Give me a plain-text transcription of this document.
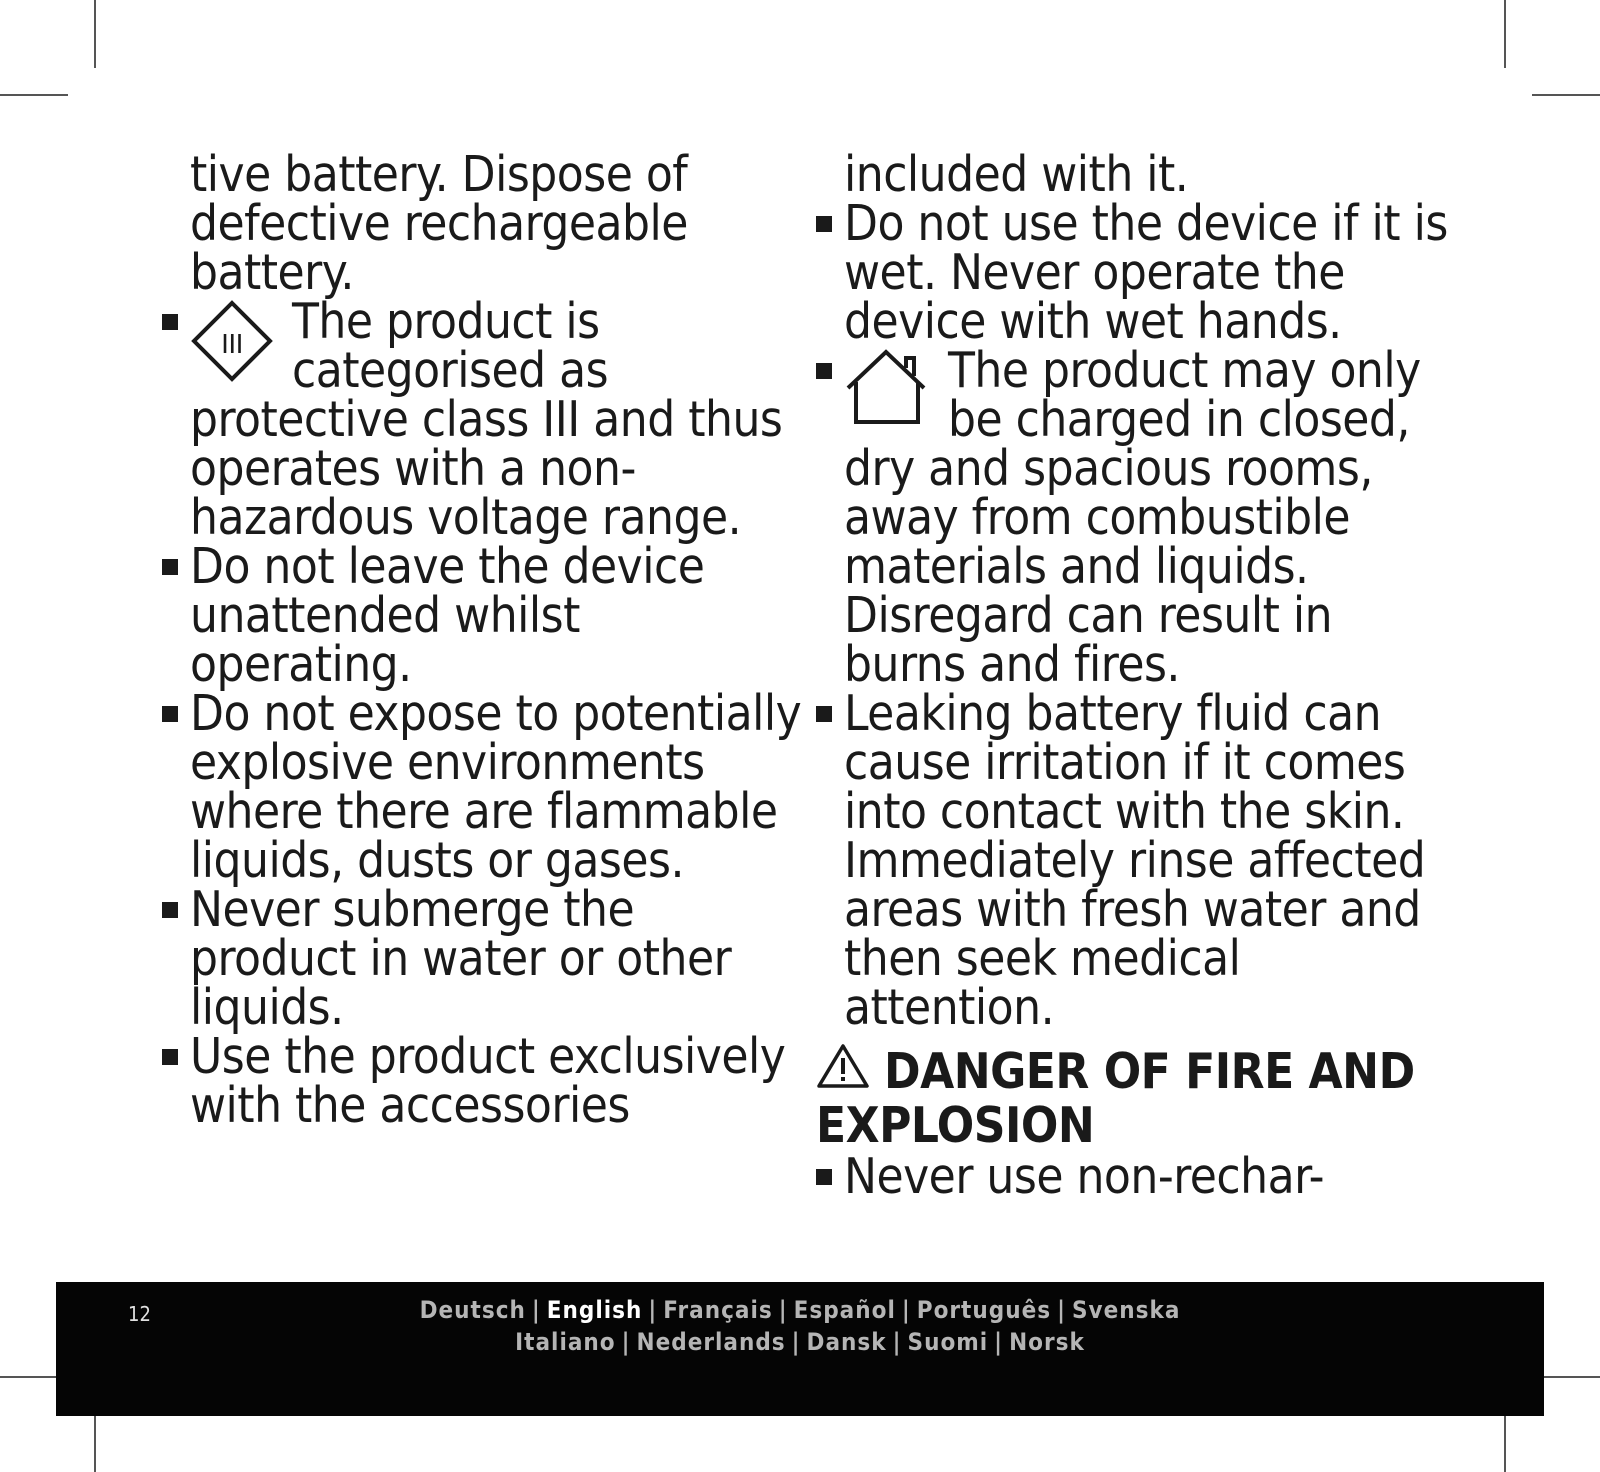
tive battery. Dispose of defective rechargeable battery.

III The product is categorised as protective class III and thus operates with a non-hazardous voltage range.
Do not leave the device unattended whilst operating.
Do not expose to potentially explosive environments where there are flammable liquids, dusts or gases.
Never submerge the product in water or other liquids.
Use the product exclusively with the accessories

included with it.

Do not use the device if it is wet. Never operate the device with wet hands.
The product may only be charged in closed, dry and spacious rooms, away from combustible materials and liquids. Disregard can result in burns and fires.
Leaking battery fluid can cause irritation if it comes into contact with the skin. Immediately rinse affected areas with fresh water and then seek medical attention.
DANGER OF FIRE AND EXPLOSION
Never use non-rechar-
12	Deutsch | English | Français | Español | Português | Svenska
Italiano | Nederlands | Dansk | Suomi | Norsk
